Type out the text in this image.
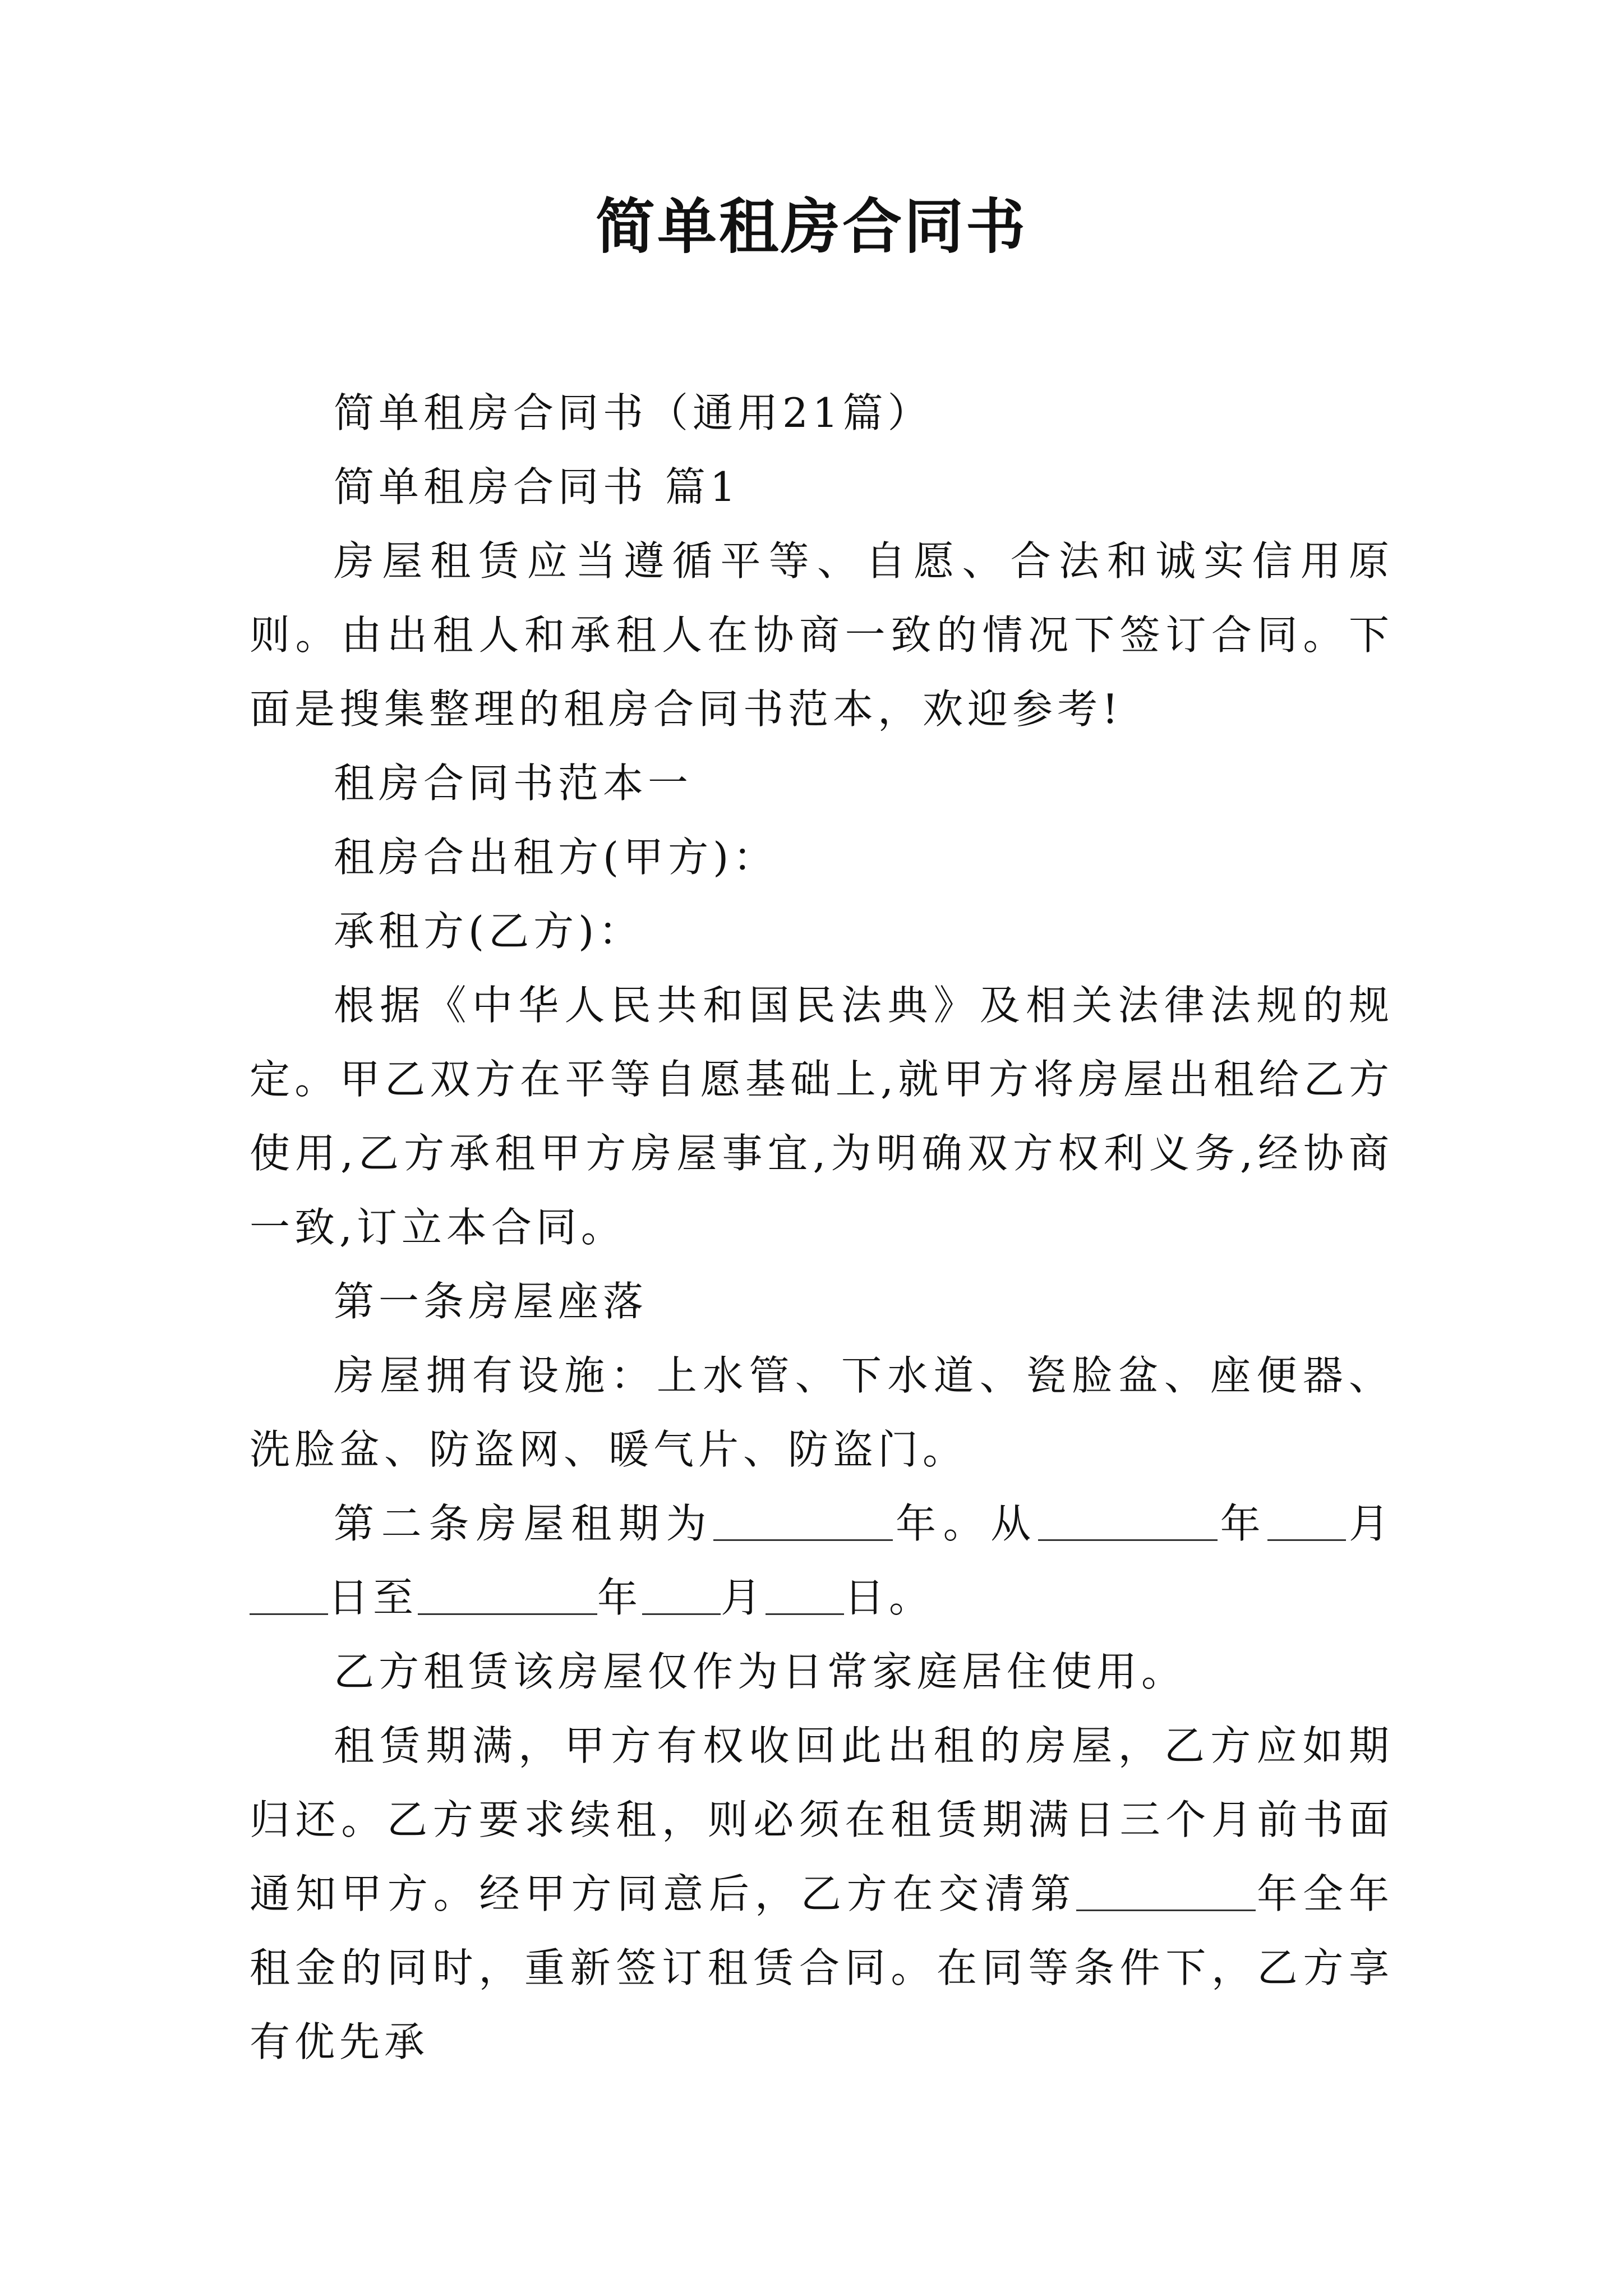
简单租房合同书

简单租房合同书（通用21篇）

简单租房合同书 篇1

房屋租赁应当遵循平等、自愿、合法和诚实信用原则。由出租人和承租人在协商一致的情况下签订合同。下面是搜集整理的租房合同书范本，欢迎参考!

租房合同书范本一

租房合出租方(甲方)：

承租方(乙方)：

根据《中华人民共和国民法典》及相关法律法规的规定。甲乙双方在平等自愿基础上,就甲方将房屋出租给乙方使用,乙方承租甲方房屋事宜,为明确双方权利义务,经协商一致,订立本合同。

第一条房屋座落

房屋拥有设施：上水管、下水道、瓷脸盆、座便器、洗脸盆、防盗网、暖气片、防盗门。

第二条房屋租期为	年。从	年 月日至	年 月 日。

乙方租赁该房屋仅作为日常家庭居住使用。

租赁期满，甲方有权收回此出租的房屋，乙方应如期归还。乙方要求续租，则必须在租赁期满日三个月前书面通知甲方。经甲方同意后，乙方在交清第	年全年租金的同时，重新签订租赁合同。在同等条件下，乙方享有优先承
